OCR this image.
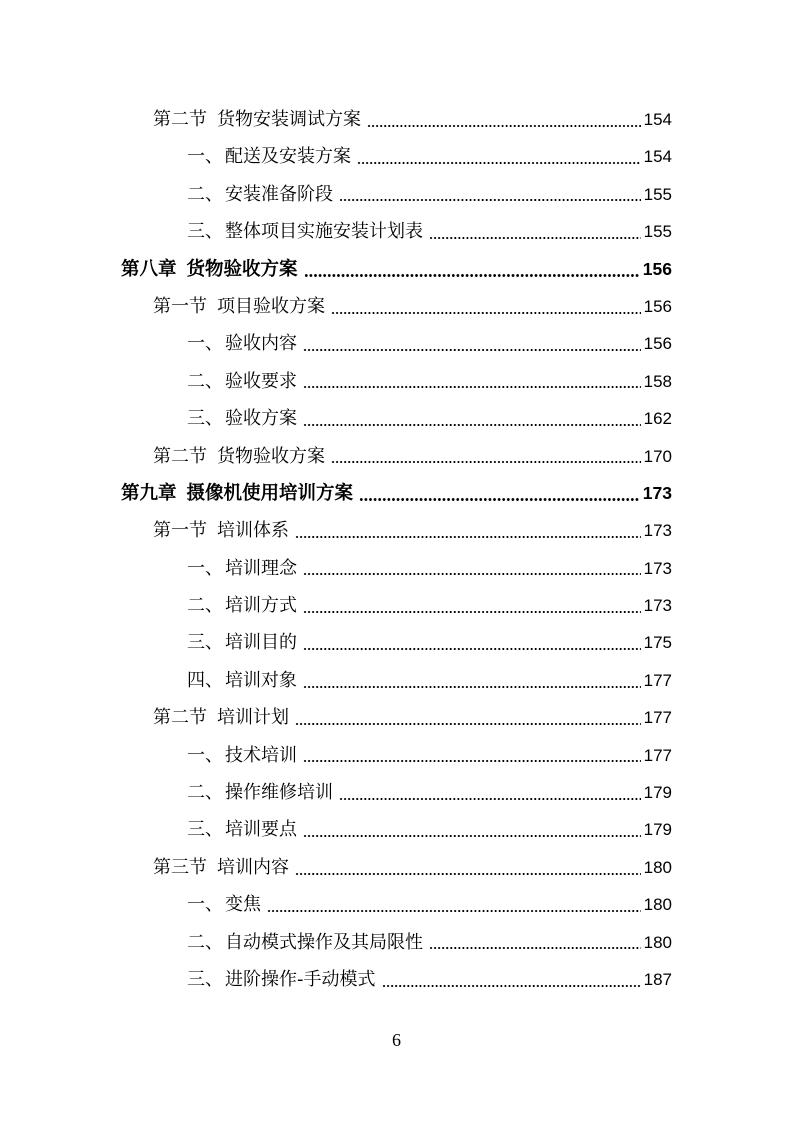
第二节 货物安装调试方案	154
一、 配送及安装方案	154
二、 安装准备阶段	155
三、 整体项目实施安装计划表	155
第八章 货物验收方案	156
第一节 项目验收方案	156
一、 验收内容	156
二、 验收要求	158
三、 验收方案	162
第二节 货物验收方案	170
第九章 摄像机使用培训方案	173
第一节 培训体系	173
一、 培训理念	173
二、 培训方式	173
三、 培训目的	175
四、 培训对象	177
第二节 培训计划	177
一、 技术培训	177
二、 操作维修培训	179
三、 培训要点	179
第三节 培训内容	180
一、 变焦	180
二、 自动模式操作及其局限性	180
三、 进阶操作-手动模式	187
6
